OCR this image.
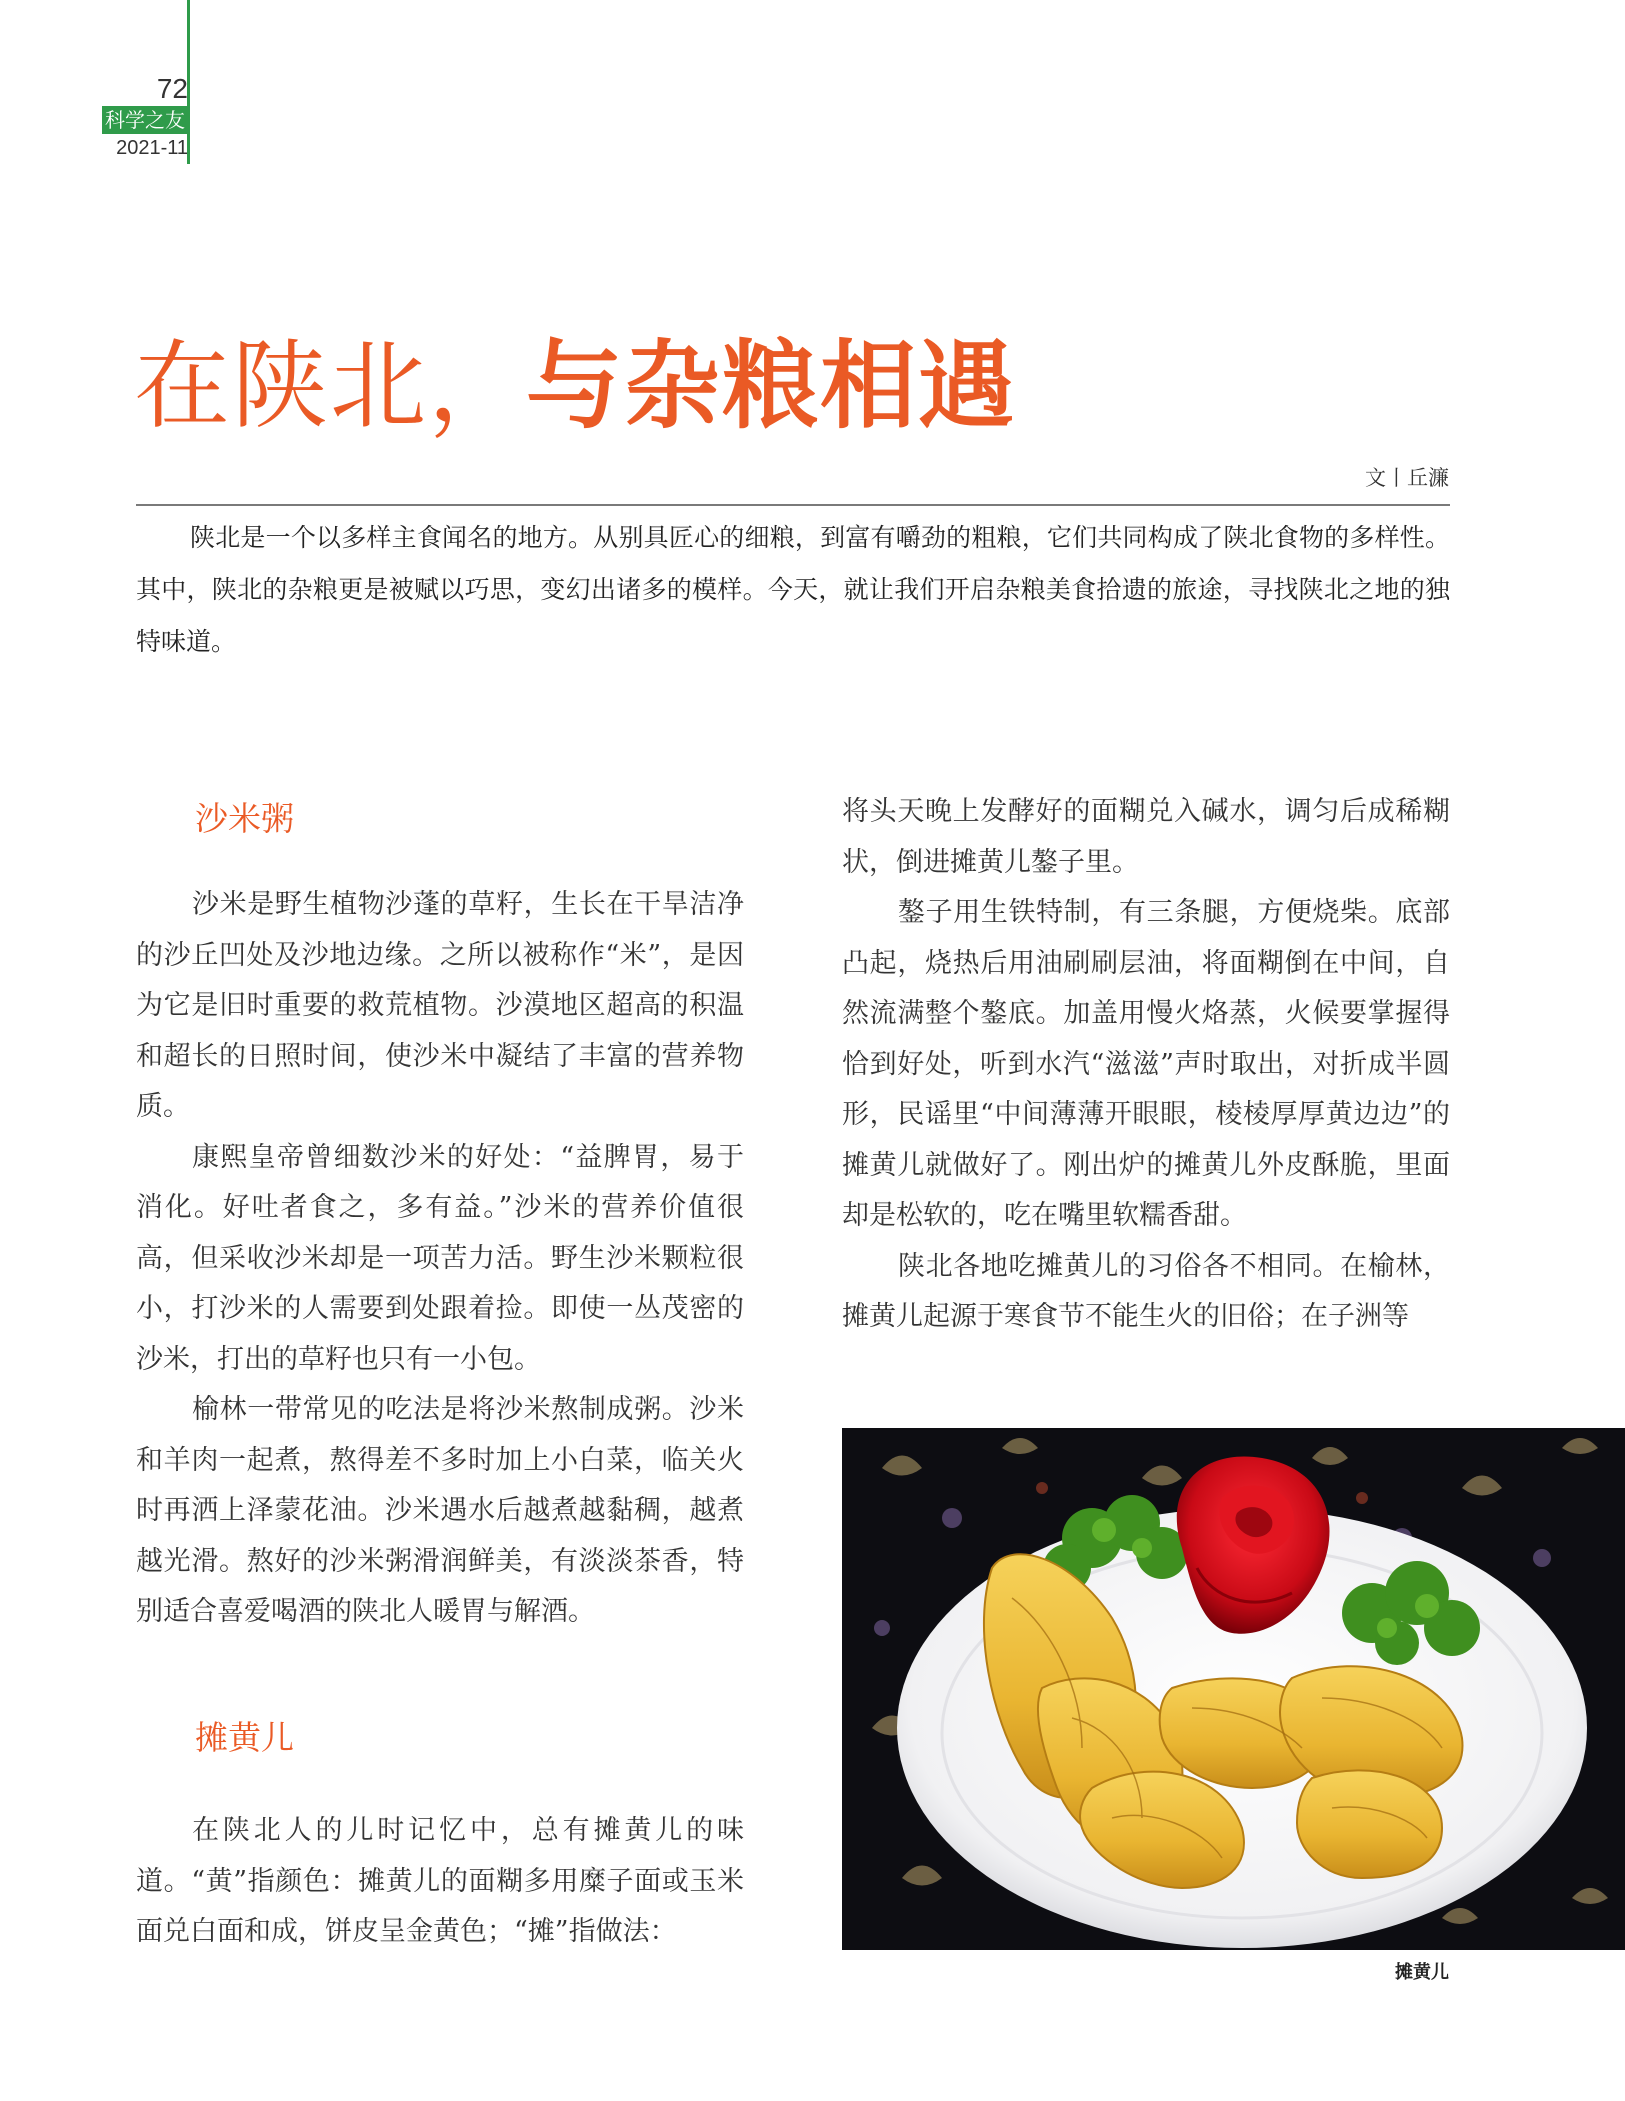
72
科学之友
2021-11
在陕北，与杂粮相遇
文丨丘濂

陕北是一个以多样主食闻名的地方。从别具匠心的细粮，到富有嚼劲的粗粮，它们共同构成了陕北食物的多样性。其中，陕北的杂粮更是被赋以巧思，变幻出诸多的模样。今天，就让我们开启杂粮美食拾遗的旅途，寻找陕北之地的独特味道。

沙米粥

沙米是野生植物沙蓬的草籽，生长在干旱洁净的沙丘凹处及沙地边缘。之所以被称作“米”，是因为它是旧时重要的救荒植物。沙漠地区超高的积温和超长的日照时间，使沙米中凝结了丰富的营养物质。

康熙皇帝曾细数沙米的好处：“益脾胃，易于消化。好吐者食之，多有益。”沙米的营养价值很高，但采收沙米却是一项苦力活。野生沙米颗粒很小，打沙米的人需要到处跟着捡。即使一丛茂密的沙米，打出的草籽也只有一小包。

榆林一带常见的吃法是将沙米熬制成粥。沙米和羊肉一起煮，熬得差不多时加上小白菜，临关火时再洒上泽蒙花油。沙米遇水后越煮越黏稠，越煮越光滑。熬好的沙米粥滑润鲜美，有淡淡茶香，特别适合喜爱喝酒的陕北人暖胃与解酒。

摊黄儿

在陕北人的儿时记忆中，总有摊黄儿的味道。“黄”指颜色：摊黄儿的面糊多用糜子面或玉米面兑白面和成，饼皮呈金黄色；“摊”指做法：

将头天晚上发酵好的面糊兑入碱水，调匀后成稀糊状，倒进摊黄儿鏊子里。

鏊子用生铁特制，有三条腿，方便烧柴。底部凸起，烧热后用油刷刷层油，将面糊倒在中间，自然流满整个鏊底。加盖用慢火烙蒸，火候要掌握得恰到好处，听到水汽“滋滋”声时取出，对折成半圆形，民谣里“中间薄薄开眼眼，棱棱厚厚黄边边”的摊黄儿就做好了。刚出炉的摊黄儿外皮酥脆，里面却是松软的，吃在嘴里软糯香甜。

陕北各地吃摊黄儿的习俗各不相同。在榆林，摊黄儿起源于寒食节不能生火的旧俗；在子洲等

摊黄儿
